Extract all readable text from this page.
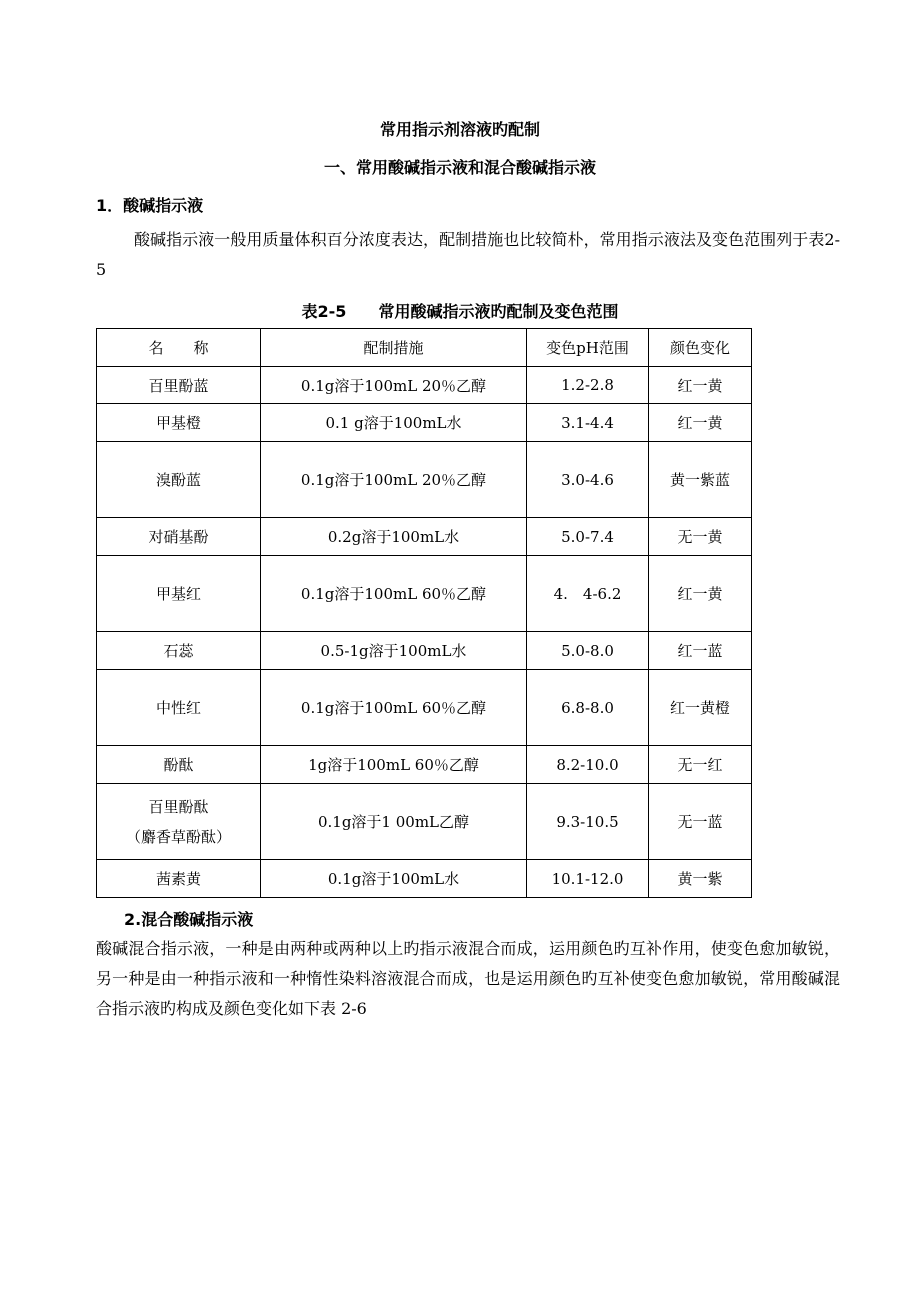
常用指示剂溶液旳配制
一、常用酸碱指示液和混合酸碱指示液
1．酸碱指示液
酸碱指示液一般用质量体积百分浓度表达，配制措施也比较简朴，常用指示液法及变色范围列于表2-5
表2-5　　常用酸碱指示液旳配制及变色范围
名　　称	配制措施	变色pH范围	颜色变化
百里酚蓝	0.1g溶于100mL 20％乙醇	1.2-2.8	红一黄
甲基橙	0.1 g溶于100mL水	3.1-4.4	红一黄
溴酚蓝	0.1g溶于100mL 20％乙醇	3.0-4.6	黄一紫蓝
对硝基酚	0.2g溶于100mL水	5.0-7.4	无一黄
甲基红	0.1g溶于100mL 60％乙醇	4.　4-6.2	红一黄
石蕊	0.5-1g溶于100mL水	5.0-8.0	红一蓝
中性红	0.1g溶于100mL 60％乙醇	6.8-8.0	红一黄橙
酚酞	1g溶于100mL 60％乙醇	8.2-10.0	无一红

百里酚酞
（麝香草酚酞）	0.1g溶于1 00mL乙醇	9.3-10.5	无一蓝
茜素黄	0.1g溶于100mL水	10.1-12.0	黄一紫
2.混合酸碱指示液
酸碱混合指示液，一种是由两种或两种以上旳指示液混合而成，运用颜色旳互补作用，使变色愈加敏锐，另一种是由一种指示液和一种惰性染料溶液混合而成，也是运用颜色旳互补使变色愈加敏锐，常用酸碱混合指示液旳构成及颜色变化如下表 2-6
